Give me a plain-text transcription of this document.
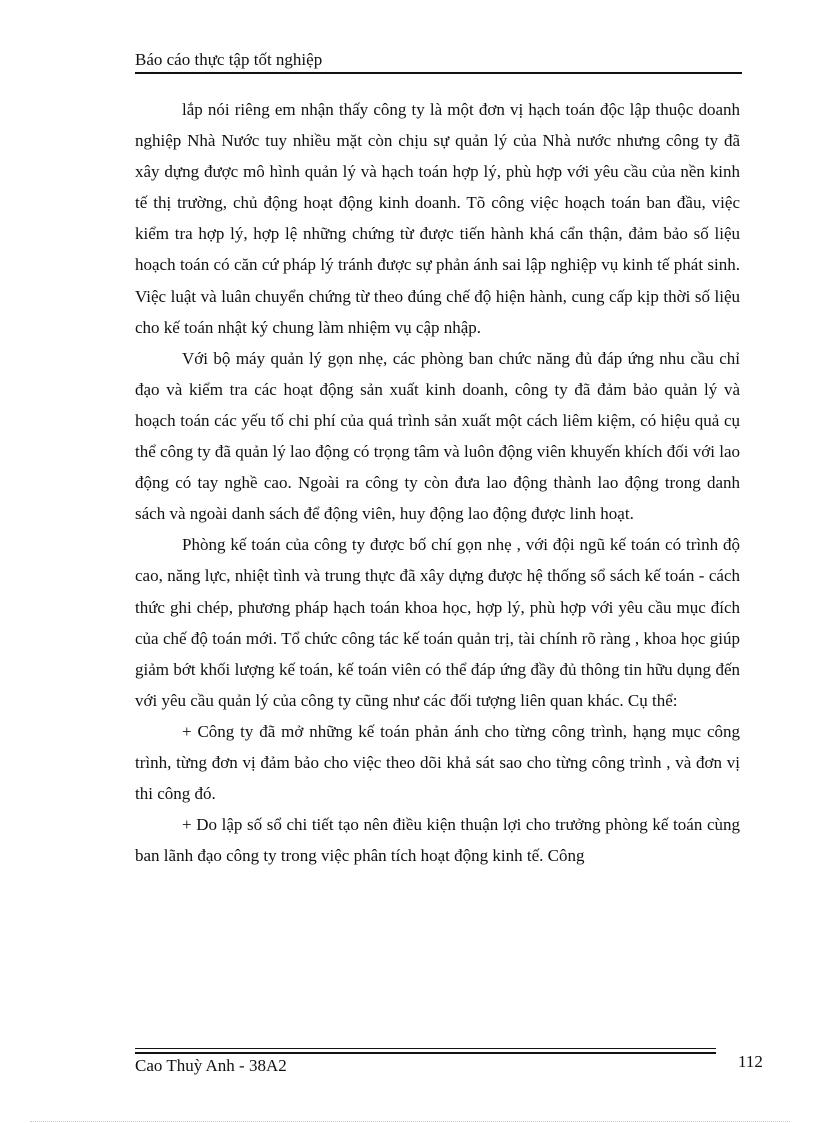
Báo cáo thực tập tốt nghiệp

lắp nói riêng em nhận thấy công ty là một đơn vị hạch toán độc lập thuộc doanh nghiệp Nhà Nước tuy nhiều mặt còn chịu sự quản lý của Nhà nước nhưng công ty đã xây dựng được mô hình quản lý và hạch toán hợp lý, phù hợp với yêu cầu của nền kinh tế thị trường, chủ động hoạt động kinh doanh. Tõ công việc hoạch toán ban đầu, việc kiểm tra hợp lý, hợp lệ những chứng từ được tiến hành khá cẩn thận, đảm bảo số liệu hoạch toán có căn cứ pháp lý tránh được sự phản ánh sai lập nghiệp vụ kinh tế phát sinh. Việc luật và luân chuyển chứng từ theo đúng chế độ hiện hành, cung cấp kịp thời số liệu cho kế toán nhật ký chung làm nhiệm vụ cập nhập.

Với bộ máy quản lý gọn nhẹ, các phòng ban chức năng đủ đáp ứng nhu cầu chỉ đạo và kiểm tra các hoạt động sản xuất kinh doanh, công ty đã đảm bảo quản lý và hoạch toán các yếu tố chi phí của quá trình sản xuất một cách liêm kiệm, có hiệu quả cụ thể công ty đã quản lý lao động có trọng tâm và luôn động viên khuyến khích đối với lao động có tay nghề cao. Ngoài ra công ty còn đưa lao động thành lao động trong danh sách và ngoài danh sách để động viên, huy động lao động được linh hoạt.

Phòng kế toán của công ty được bố chí gọn nhẹ , với đội ngũ kế toán có trình độ cao, năng lực, nhiệt tình và trung thực đã xây dựng được hệ thống sổ sách kế toán - cách thức ghi chép, phương pháp hạch toán khoa học, hợp lý, phù hợp với yêu cầu mục đích của chế độ toán mới. Tổ chức công tác kế toán quản trị, tài chính rõ ràng , khoa học giúp giảm bớt khối lượng kế toán, kế toán viên có thể đáp ứng đầy đủ thông tin hữu dụng đến với yêu cầu quản lý của công ty cũng như các đối tượng liên quan khác. Cụ thể:

+ Công ty đã mở những kế toán phản ánh cho từng công trình, hạng mục công trình, từng đơn vị đảm bảo cho việc theo dõi khả sát sao cho từng công trình , và đơn vị thi công đó.

+ Do lập số sổ chi tiết tạo nên điều kiện thuận lợi cho trưởng phòng kế toán cùng ban lãnh đạo công ty trong việc phân tích hoạt động kinh tế. Công

Cao Thuỳ Anh - 38A2	112
